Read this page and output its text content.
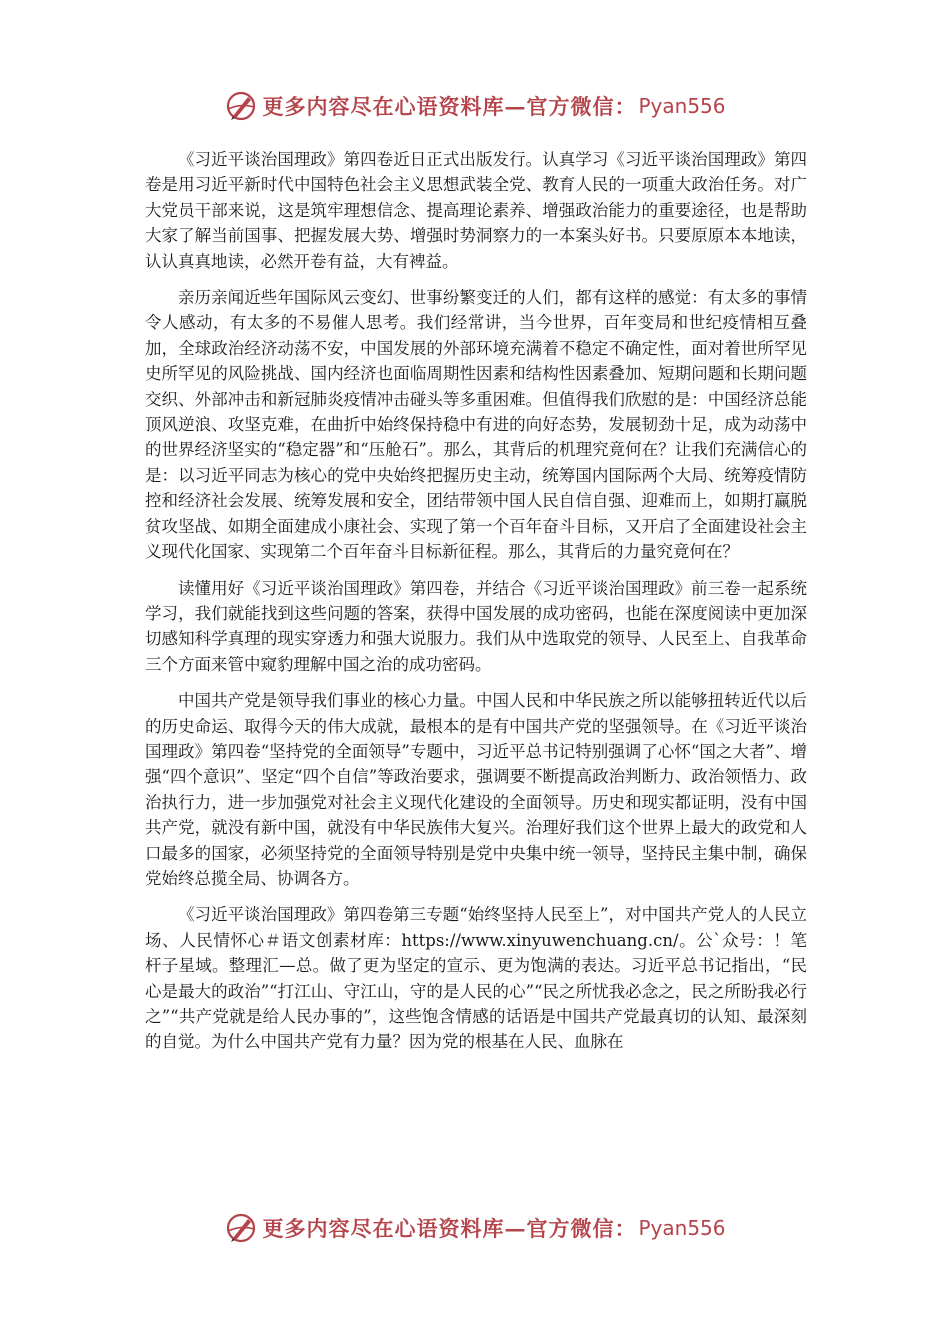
更多内容尽在心语资料库—官方微信： Pyan556

《习近平谈治国理政》第四卷近日正式出版发行。认真学习《习近平谈治国理政》第四卷是用习近平新时代中国特色社会主义思想武装全党、教育人民的一项重大政治任务。对广大党员干部来说，这是筑牢理想信念、提高理论素养、增强政治能力的重要途径，也是帮助大家了解当前国事、把握发展大势、增强时势洞察力的一本案头好书。只要原原本本地读，认认真真地读，必然开卷有益，大有裨益。

亲历亲闻近些年国际风云变幻、世事纷繁变迁的人们，都有这样的感觉：有太多的事情令人感动，有太多的不易催人思考。我们经常讲，当今世界，百年变局和世纪疫情相互叠加，全球政治经济动荡不安，中国发展的外部环境充满着不稳定不确定性，面对着世所罕见史所罕见的风险挑战、国内经济也面临周期性因素和结构性因素叠加、短期问题和长期问题交织、外部冲击和新冠肺炎疫情冲击碰头等多重困难。但值得我们欣慰的是：中国经济总能顶风逆浪、攻坚克难，在曲折中始终保持稳中有进的向好态势，发展韧劲十足，成为动荡中的世界经济坚实的“稳定器”和“压舱石”。那么，其背后的机理究竟何在？让我们充满信心的是：以习近平同志为核心的党中央始终把握历史主动，统筹国内国际两个大局、统筹疫情防控和经济社会发展、统筹发展和安全，团结带领中国人民自信自强、迎难而上，如期打赢脱贫攻坚战、如期全面建成小康社会、实现了第一个百年奋斗目标，又开启了全面建设社会主义现代化国家、实现第二个百年奋斗目标新征程。那么，其背后的力量究竟何在？

读懂用好《习近平谈治国理政》第四卷，并结合《习近平谈治国理政》前三卷一起系统学习，我们就能找到这些问题的答案，获得中国发展的成功密码，也能在深度阅读中更加深切感知科学真理的现实穿透力和强大说服力。我们从中选取党的领导、人民至上、自我革命三个方面来管中窥豹理解中国之治的成功密码。

中国共产党是领导我们事业的核心力量。中国人民和中华民族之所以能够扭转近代以后的历史命运、取得今天的伟大成就，最根本的是有中国共产党的坚强领导。在《习近平谈治国理政》第四卷“坚持党的全面领导”专题中，习近平总书记特别强调了心怀“国之大者”、增强“四个意识”、坚定“四个自信”等政治要求，强调要不断提高政治判断力、政治领悟力、政治执行力，进一步加强党对社会主义现代化建设的全面领导。历史和现实都证明，没有中国共产党，就没有新中国，就没有中华民族伟大复兴。治理好我们这个世界上最大的政党和人口最多的国家，必须坚持党的全面领导特别是党中央集中统一领导，坚持民主集中制，确保党始终总揽全局、协调各方。

《习近平谈治国理政》第四卷第三专题“始终坚持人民至上”，对中国共产党人的人民立场、人民情怀心＃语文创素材库：https://www.xinyuwenchuang.cn/。公`众号：！笔杆子星域。整理汇—总。做了更为坚定的宣示、更为饱满的表达。习近平总书记指出，“民心是最大的政治”“打江山、守江山，守的是人民的心”“民之所忧我必念之，民之所盼我必行之”“共产党就是给人民办事的”，这些饱含情感的话语是中国共产党最真切的认知、最深刻的自觉。为什么中国共产党有力量？因为党的根基在人民、血脉在

更多内容尽在心语资料库—官方微信： Pyan556
